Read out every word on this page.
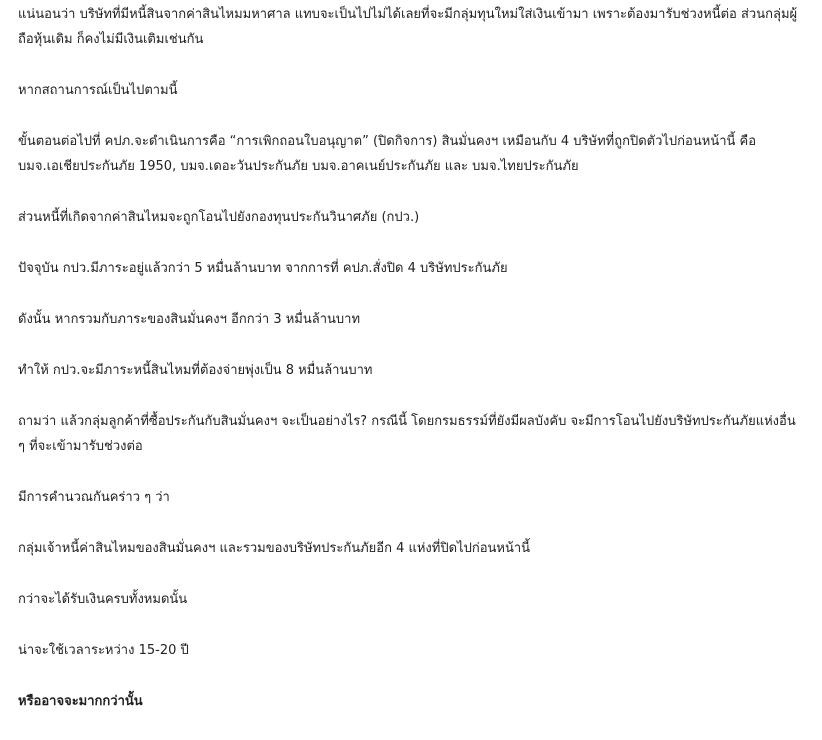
แน่นอนว่า บริษัทที่มีหนี้สินจากค่าสินไหมมหาศาล แทบจะเป็นไปไม่ได้เลยที่จะมีกลุ่มทุนใหม่ใส่เงินเข้ามา เพราะต้องมารับช่วงหนี้ต่อ ส่วนกลุ่มผู้ถือหุ้นเดิม ก็คงไม่มีเงินเติมเช่นกัน

หากสถานการณ์เป็นไปตามนี้

ขั้นตอนต่อไปที่ คปภ.จะดำเนินการคือ “การเพิกถอนใบอนุญาต” (ปิดกิจการ) สินมั่นคงฯ เหมือนกับ 4 บริษัทที่ถูกปิดตัวไปก่อนหน้านี้ คือ บมจ.เอเชียประกันภัย 1950, บมจ.เดอะวันประกันภัย บมจ.อาคเนย์ประกันภัย และ บมจ.ไทยประกันภัย

ส่วนหนี้ที่เกิดจากค่าสินไหมจะถูกโอนไปยังกองทุนประกันวินาศภัย (กปว.)

ปัจจุบัน กปว.มีภาระอยู่แล้วกว่า 5 หมื่นล้านบาท จากการที่ คปภ.สั่งปิด 4 บริษัทประกันภัย

ดังนั้น หากรวมกับภาระของสินมั่นคงฯ อีกกว่า 3 หมื่นล้านบาท

ทำให้ กปว.จะมีภาระหนี้สินไหมที่ต้องจ่ายพุ่งเป็น 8 หมื่นล้านบาท

ถามว่า แล้วกลุ่มลูกค้าที่ซื้อประกันกับสินมั่นคงฯ จะเป็นอย่างไร? กรณีนี้ โดยกรมธรรม์ที่ยังมีผลบังคับ จะมีการโอนไปยังบริษัทประกันภัยแห่งอื่น ๆ ที่จะเข้ามารับช่วงต่อ

มีการคำนวณกันคร่าว ๆ ว่า

กลุ่มเจ้าหนี้ค่าสินไหมของสินมั่นคงฯ และรวมของบริษัทประกันภัยอีก 4 แห่งที่ปิดไปก่อนหน้านี้

กว่าจะได้รับเงินครบทั้งหมดนั้น

น่าจะใช้เวลาระหว่าง 15-20 ปี

หรืออาจจะมากกว่านั้น
